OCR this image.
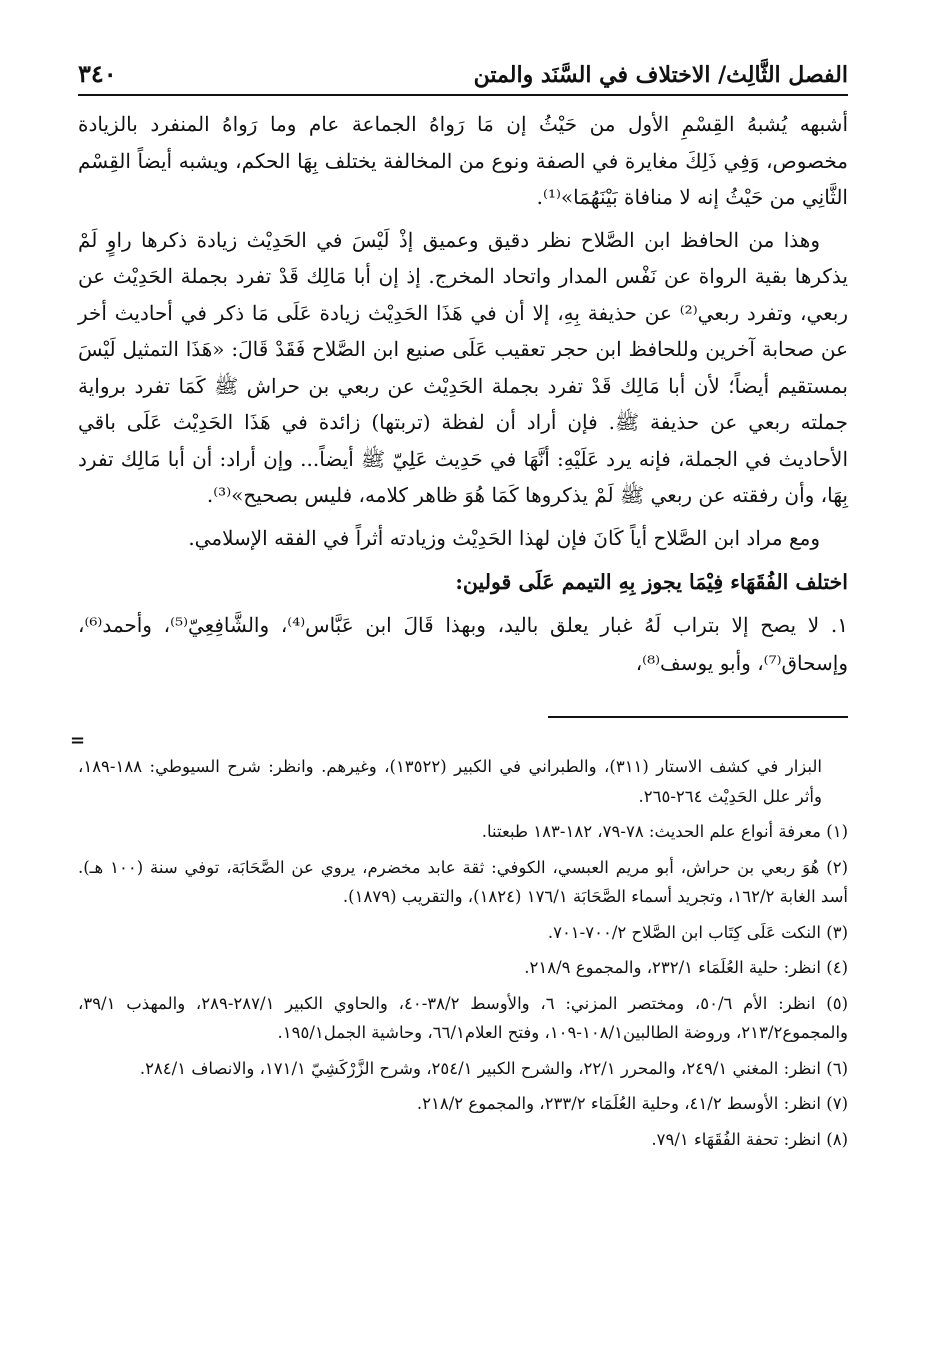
الفصل الثَّالِث/ الاختلاف في السَّنَد والمتن
٣٤٠

أشبهه يُشبهُ القِسْمِ الأول من حَيْثُ إن مَا رَواهُ الجماعة عام وما رَواهُ المنفرد بالزيادة مخصوص، وَفِي ذَلِكَ مغايرة في الصفة ونوع من المخالفة يختلف بِهَا الحكم، ويشبه أيضاً القِسْم الثَّانِي من حَيْثُ إنه لا منافاة بَيْنَهُمَا»⁽¹⁾.

وهذا من الحافظ ابن الصَّلاح نظر دقيق وعميق إذْ لَيْسَ في الحَدِيْث زيادة ذكرها راوٍ لَمْ يذكرها بقية الرواة عن نَفْس المدار واتحاد المخرج. إذ إن أبا مَالِك قَدْ تفرد بجملة الحَدِيْث عن ربعي، وتفرد ربعي⁽²⁾ عن حذيفة بِهِ، إلا أن في هَذَا الحَدِيْث زيادة عَلَى مَا ذكر في أحاديث أخر عن صحابة آخرين وللحافظ ابن حجر تعقيب عَلَى صنيع ابن الصَّلاح فَقَدْ قَالَ: «هَذَا التمثيل لَيْسَ بمستقيم أيضاً؛ لأن أبا مَالِك قَدْ تفرد بجملة الحَدِيْث عن ربعي بن حراش ﷺ كَمَا تفرد برواية جملته ربعي عن حذيفة ﷺ. فإن أراد أن لفظة (تربتها) زائدة في هَذَا الحَدِيْث عَلَى باقي الأحاديث في الجملة، فإنه يرد عَلَيْهِ: أنَّهَا في حَدِيث عَلِيّ ﷺ أيضاً... وإن أراد: أن أبا مَالِك تفرد بِهَا، وأن رفقته عن ربعي ﷺ لَمْ يذكروها كَمَا هُوَ ظاهر كلامه، فليس بصحيح»⁽³⁾.

ومع مراد ابن الصَّلاح أياً كَانَ فإن لهذا الحَدِيْث وزيادته أثراً في الفقه الإسلامي.

اختلف الفُقَهَاء فِيْمَا يجوز بِهِ التيمم عَلَى قولين:

١. لا يصح إلا بتراب لَهُ غبار يعلق باليد، وبهذا قَالَ ابن عَبَّاس⁽⁴⁾، والشَّافِعِيّ⁽⁵⁾، وأحمد⁽⁶⁾، وإسحاق⁽⁷⁾، وأبو يوسف⁽⁸⁾،

=

البزار في كشف الاستار (٣١١)، والطبراني في الكبير (١٣٥٢٢)، وغيرهم. وانظر: شرح السيوطي: ١٨٨-١٨٩، وأثر علل الحَدِيْث ٢٦٤-٢٦٥.

(١) معرفة أنواع علم الحديث: ٧٨-٧٩، ١٨٢-١٨٣ طبعتنا.

(٢) هُوَ ربعي بن حراش، أبو مريم العبسي، الكوفي: ثقة عابد مخضرم، يروي عن الصَّحَابَة، توفي سنة (١٠٠ هـ). أسد الغابة ١٦٢/٢، وتجريد أسماء الصَّحَابَة ١٧٦/١ (١٨٢٤)، والتقريب (١٨٧٩).

(٣) النكت عَلَى كِتَاب ابن الصَّلاح ٧٠٠/٢-٧٠١.

(٤) انظر: حلية العُلَمَاء ٢٣٢/١، والمجموع ٢١٨/٩.

(٥) انظر: الأم ٥٠/٦، ومختصر المزني: ٦، والأوسط ٣٨/٢-٤٠، والحاوي الكبير ٢٨٧/١-٢٨٩، والمهذب ٣٩/١، والمجموع٢١٣/٢، وروضة الطالبين١٠٨/١-١٠٩، وفتح العلام٦٦/١، وحاشية الجمل١٩٥/١.

(٦) انظر: المغني ٢٤٩/١، والمحرر ٢٢/١، والشرح الكبير ٢٥٤/١، وشرح الزَّرْكَشِيّ ١٧١/١، والانصاف ٢٨٤/١.

(٧) انظر: الأوسط ٤١/٢، وحلية العُلَمَاء ٢٣٣/٢، والمجموع ٢١٨/٢.

(٨) انظر: تحفة الفُقَهَاء ٧٩/١.
